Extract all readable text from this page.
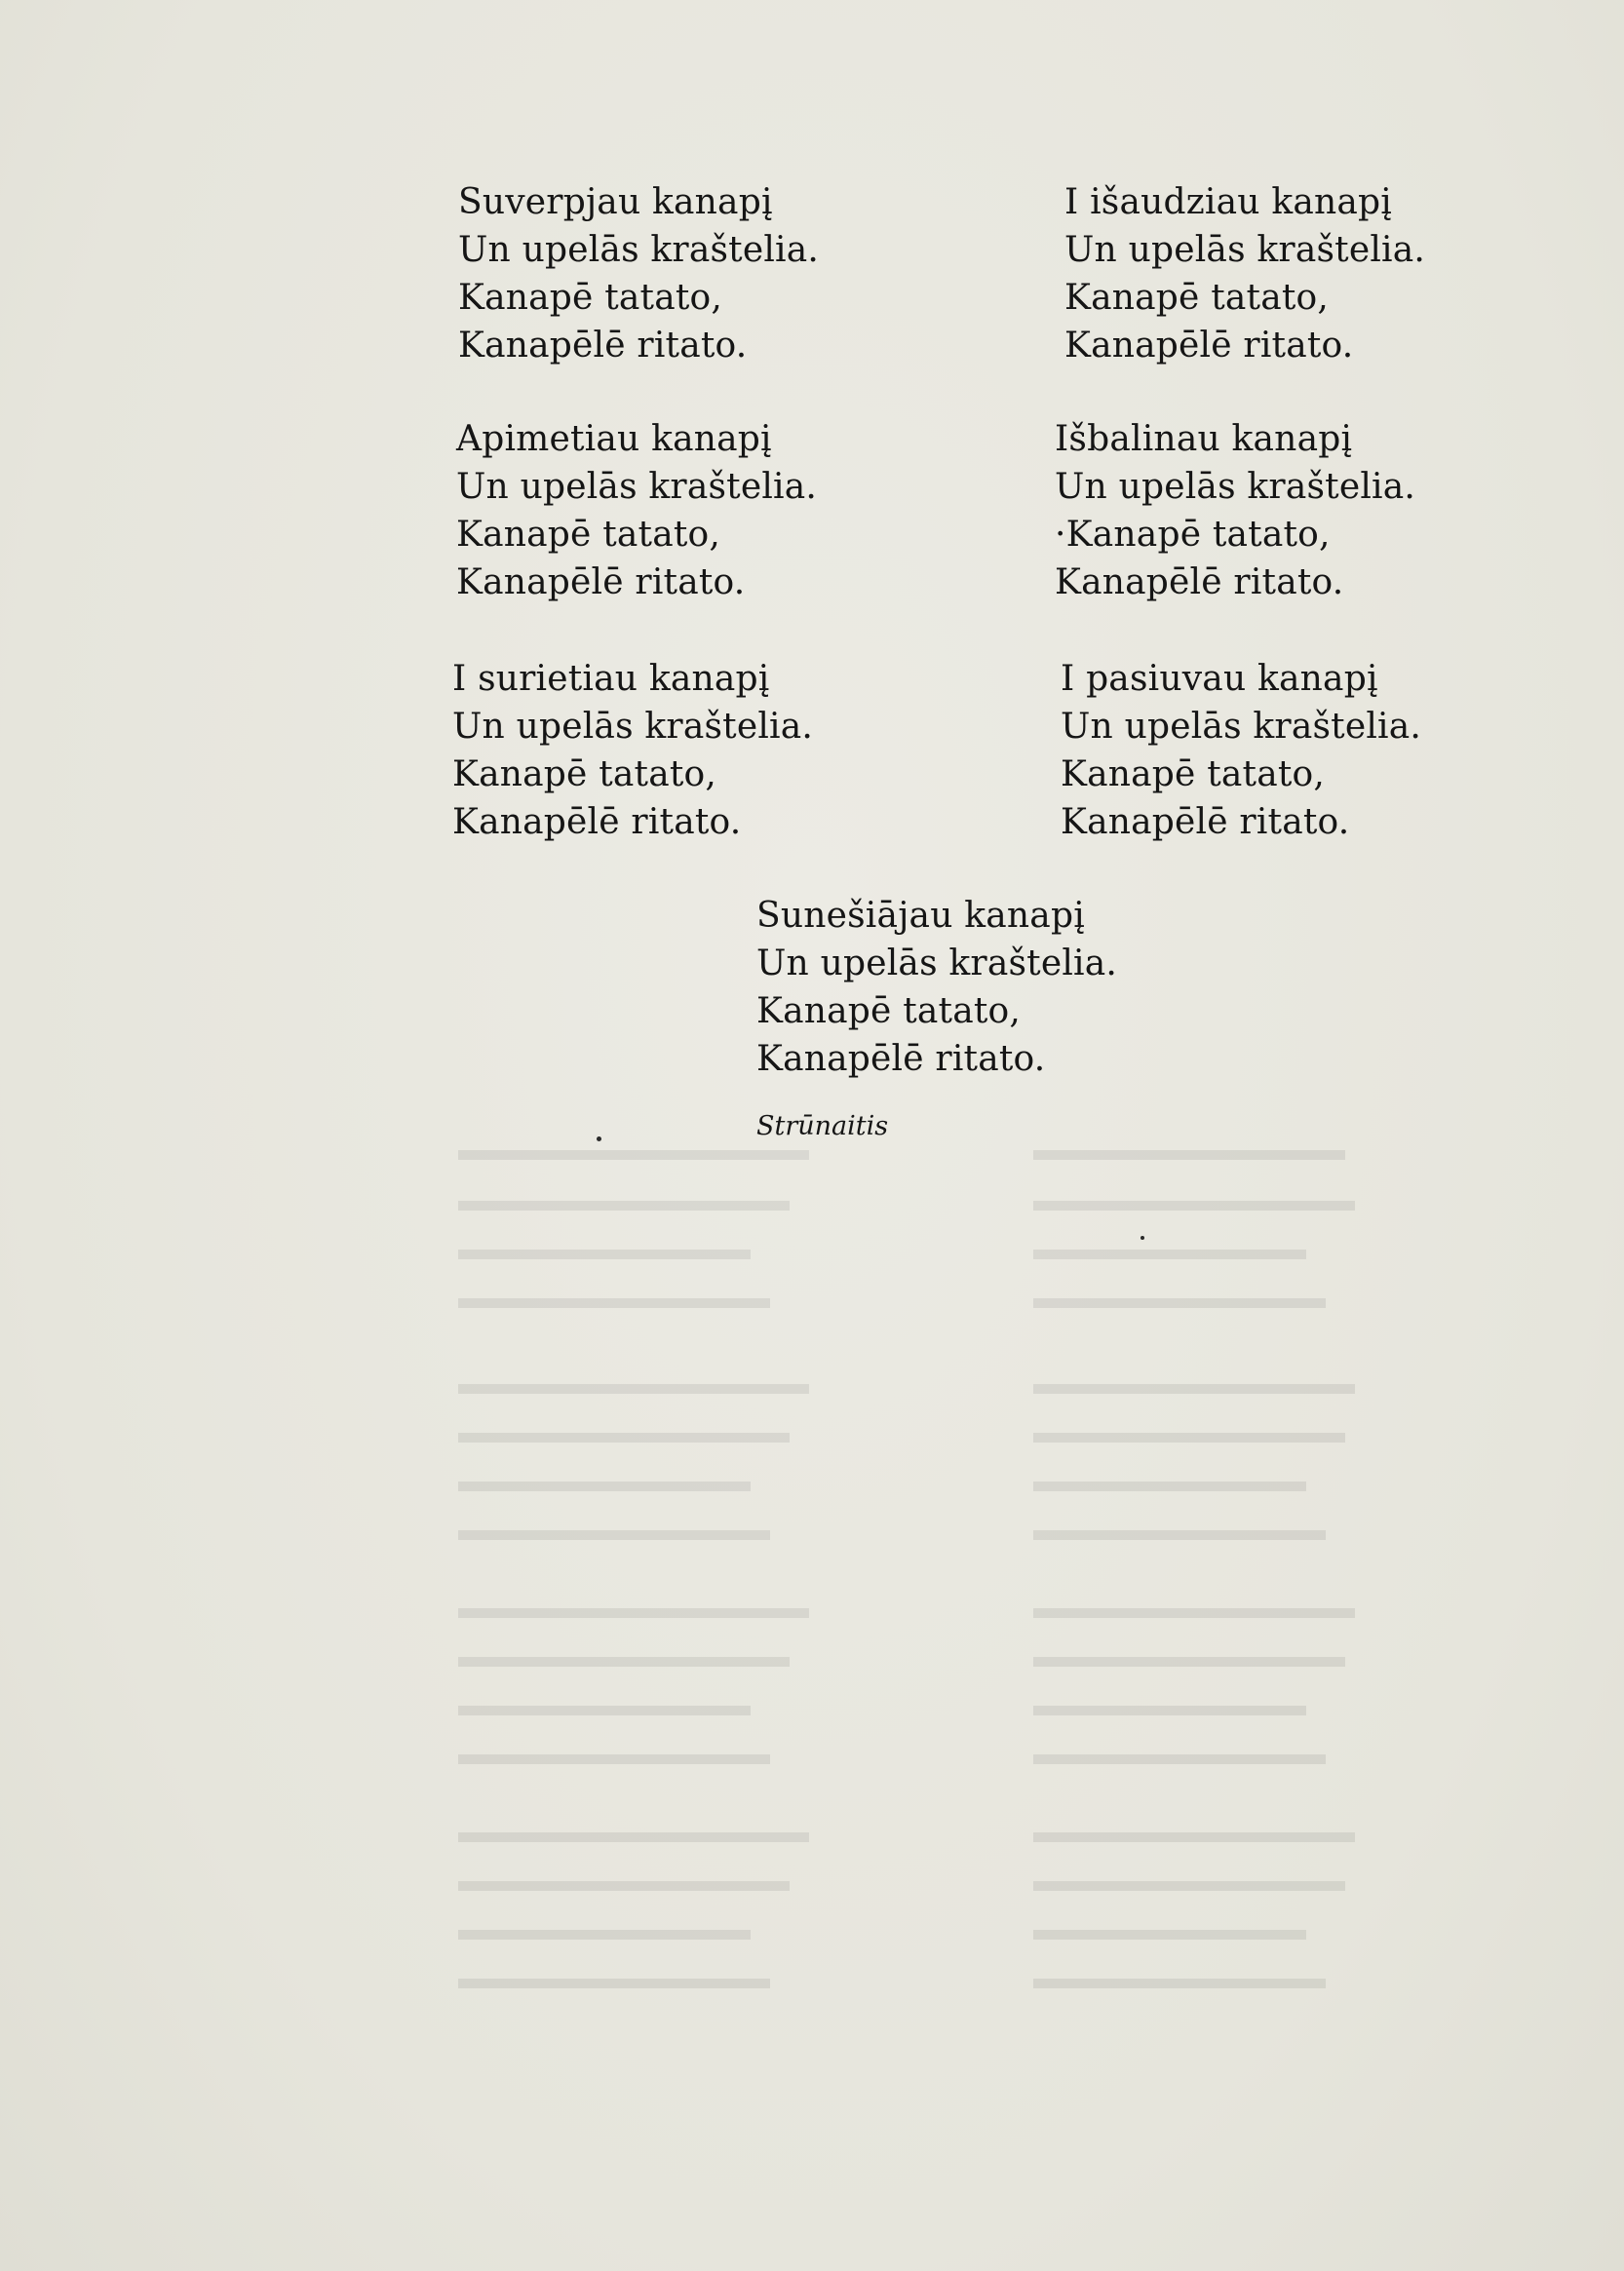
Suverpjau kanapį
Un upelās kraštelia.
Kanapē tatato,
Kanapēlē ritato.
I išaudziau kanapį
Un upelās kraštelia.
Kanapē tatato,
Kanapēlē ritato.
Apimetiau kanapį
Un upelās kraštelia.
Kanapē tatato,
Kanapēlē ritato.
Išbalinau kanapį
Un upelās kraštelia.
·Kanapē tatato,
Kanapēlē ritato.
I surietiau kanapį
Un upelās kraštelia.
Kanapē tatato,
Kanapēlē ritato.
I pasiuvau kanapį
Un upelās kraštelia.
Kanapē tatato,
Kanapēlē ritato.
Sunešiājau kanapį
Un upelās kraštelia.
Kanapē tatato,
Kanapēlē ritato.
Strūnaitis
